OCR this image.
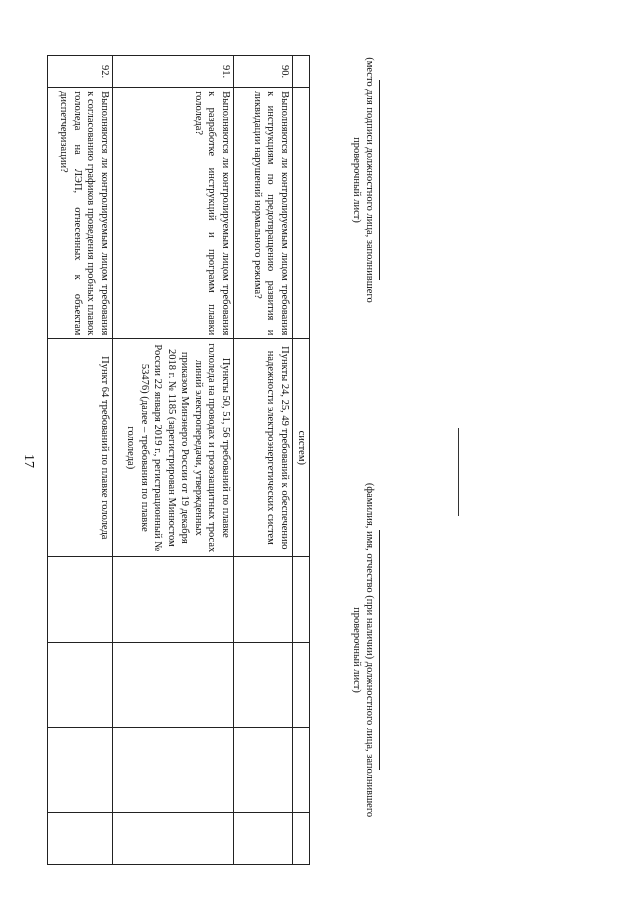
17
			систем)				
90.	Выполняются ли контролируемым лицом требования к инструкциям по предотвращению развития и ликвидации нарушений нормального режима?	Пункты 24, 25, 49 требований к обеспечению надежности электроэнергетических систем				
91.	Выполняются ли контролируемым лицом требования к разработке инструкций и программ плавки гололеда?	Пункты 50, 51, 56 требований по плавке гололеда на проводах и грозозащитных тросах линий электропередачи, утвержденных приказом Минэнерго России от 19 декабря 2018 г. № 1185 (зарегистрирован Минюстом России 22 января 2019 г., регистрационный № 53476) (далее – требования по плавке гололеда)				
92.	Выполняются ли контролируемым лицом требования к согласованию графиков проведения пробных плавок гололеда на ЛЭП, отнесенных к объектам диспетчеризации?	Пункт 64 требований по плавке гололеда				
(фамилия, имя, отчество (при наличии) должностного лица, заполнившего проверочный лист)
(место для подписи должностного лица, заполнившего проверочный лист)
